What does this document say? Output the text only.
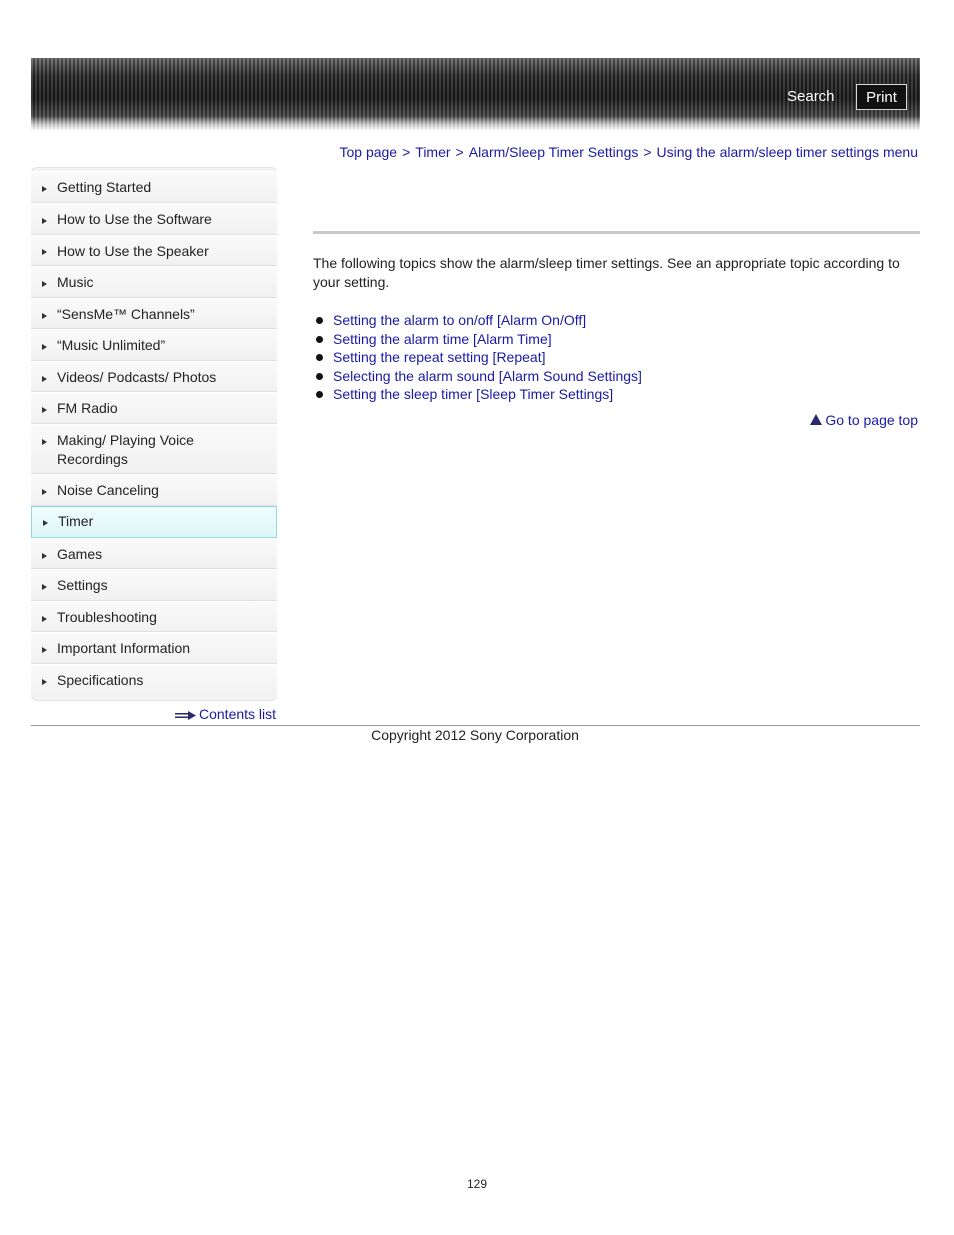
Search	Print
Top page > Timer > Alarm/Sleep Timer Settings > Using the alarm/sleep timer settings menu
Getting Started
How to Use the Software
How to Use the Speaker
Music
“SensMe™ Channels”
“Music Unlimited”
Videos/ Podcasts/ Photos
FM Radio
Making/ Playing Voice Recordings
Noise Canceling
Timer
Games
Settings
Troubleshooting
Important Information
Specifications
Contents list
The following topics show the alarm/sleep timer settings. See an appropriate topic according to your setting.
Setting the alarm to on/off [Alarm On/Off]
Setting the alarm time [Alarm Time]
Setting the repeat setting [Repeat]
Selecting the alarm sound [Alarm Sound Settings]
Setting the sleep timer [Sleep Timer Settings]
Go to page top
Copyright 2012 Sony Corporation
129
